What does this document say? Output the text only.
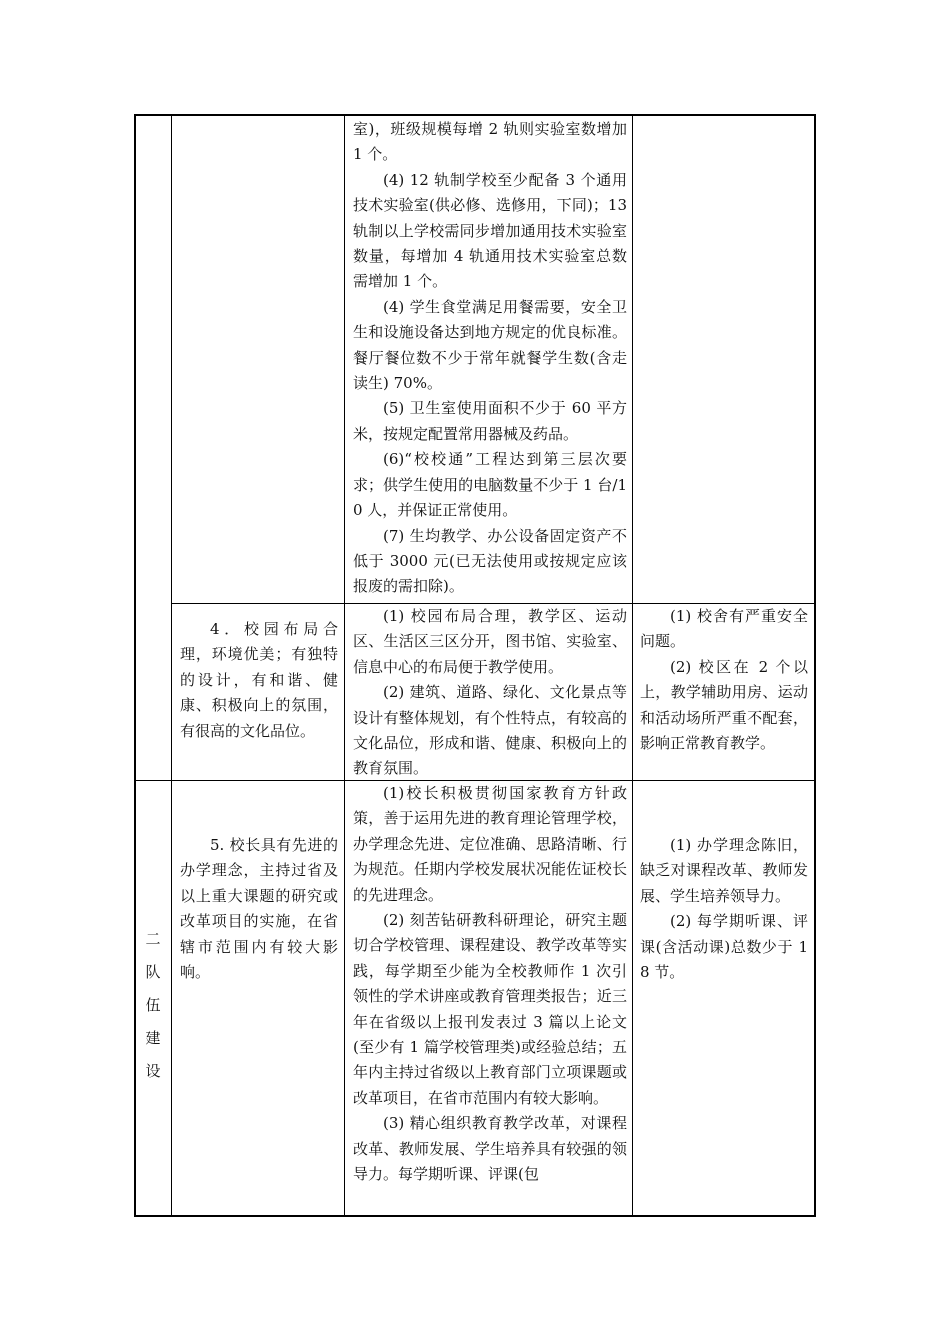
室)，班级规模每增 2 轨则实验室数增加 1 个。

(4) 12 轨制学校至少配备 3 个通用技术实验室(供必修、选修用，下同)；13 轨制以上学校需同步增加通用技术实验室数量，每增加 4 轨通用技术实验室总数需增加 1 个。

(4) 学生食堂满足用餐需要，安全卫生和设施设备达到地方规定的优良标准。餐厅餐位数不少于常年就餐学生数(含走读生) 70%。

(5) 卫生室使用面积不少于 60 平方米，按规定配置常用器械及药品。

(6)“校校通”工程达到第三层次要求；供学生使用的电脑数量不少于 1 台/10 人，并保证正常使用。

(7) 生均教学、办公设备固定资产不低于 3000 元(已无法使用或按规定应该报废的需扣除)。

4．校园布局合理，环境优美；有独特的设计，有和谐、健康、积极向上的氛围，有很高的文化品位。

(1) 校园布局合理，教学区、运动区、生活区三区分开，图书馆、实验室、信息中心的布局便于教学使用。

(2) 建筑、道路、绿化、文化景点等设计有整体规划，有个性特点，有较高的文化品位，形成和谐、健康、积极向上的教育氛围。

(1) 校舍有严重安全问题。

(2) 校区在 2 个以上，教学辅助用房、运动和活动场所严重不配套，影响正常教育教学。

二
队
伍
建
设

5. 校长具有先进的办学理念，主持过省及以上重大课题的研究或改革项目的实施，在省辖市范围内有较大影响。

(1)校长积极贯彻国家教育方针政策，善于运用先进的教育理论管理学校，办学理念先进、定位准确、思路清晰、行为规范。任期内学校发展状况能佐证校长的先进理念。

(2) 刻苦钻研教科研理论，研究主题切合学校管理、课程建设、教学改革等实践，每学期至少能为全校教师作 1 次引领性的学术讲座或教育管理类报告；近三年在省级以上报刊发表过 3 篇以上论文(至少有 1 篇学校管理类)或经验总结；五年内主持过省级以上教育部门立项课题或改革项目，在省市范围内有较大影响。

(3) 精心组织教育教学改革，对课程改革、教师发展、学生培养具有较强的领导力。每学期听课、评课(包

(1) 办学理念陈旧，缺乏对课程改革、教师发展、学生培养领导力。

(2) 每学期听课、评课(含活动课)总数少于 18 节。
